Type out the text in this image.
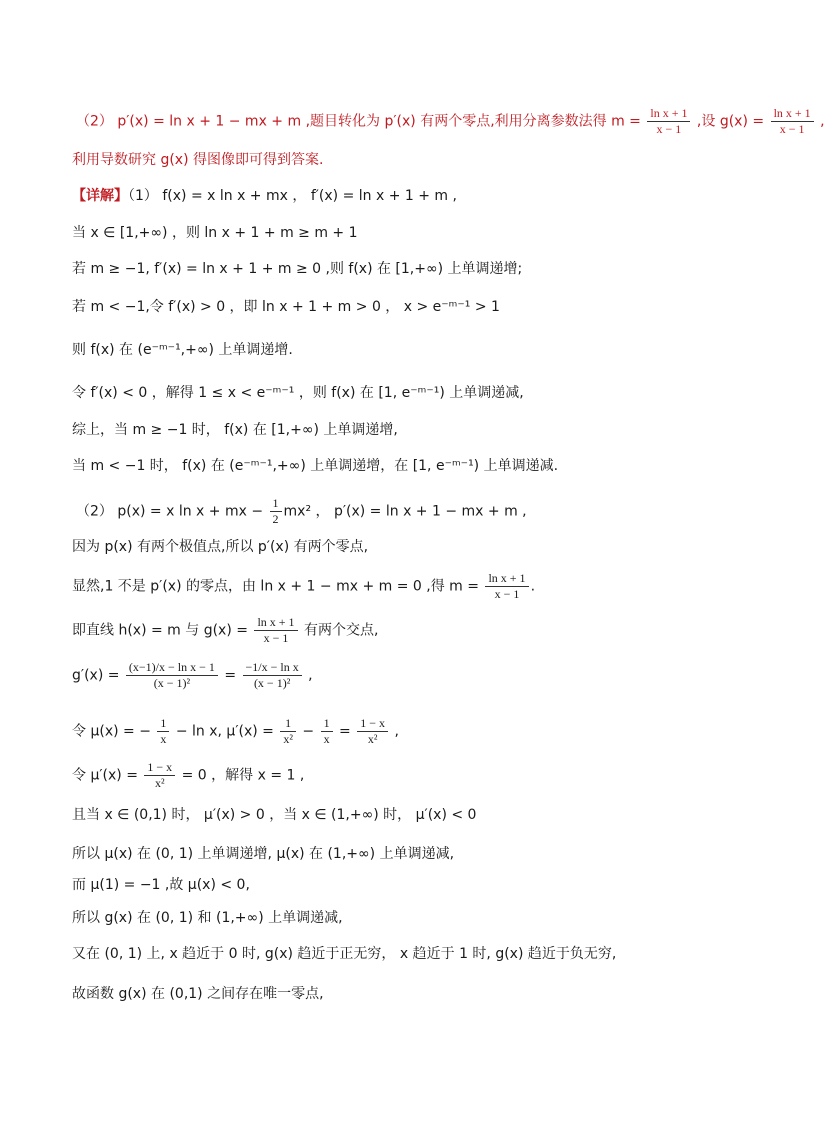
（2） p′(x) = ln x + 1 − mx + m ,题目转化为 p′(x) 有两个零点,利用分离参数法得 $m = \frac{\text{ln x + 1}}{x - 1}$ ,设 $g(x) = \frac{\text{ln x + 1}}{x - 1}$ ,
利用导数研究 g(x) 得图像即可得到答案.
【详解】（1） f(x) = x ln x + mx ， f′(x) = ln x + 1 + m ,
当 x ∈ [1,+∞) ，则 ln x + 1 + m ≥ m + 1
若 m ≥ −1, f′(x) = ln x + 1 + m ≥ 0 ,则 f(x) 在 [1,+∞) 上单调递增;
若 m < −1,令 f′(x) > 0 ，即 ln x + 1 + m > 0 ， x > e⁻ᵐ⁻¹ > 1
则 f(x) 在 (e⁻ᵐ⁻¹,+∞) 上单调递增.
令 f′(x) < 0 ，解得 1 ≤ x < e⁻ᵐ⁻¹ ，则 f(x) 在 [1, e⁻ᵐ⁻¹) 上单调递减,
综上，当 m ≥ −1 时， f(x) 在 [1,+∞) 上单调递增,
当 m < −1 时， f(x) 在 (e⁻ᵐ⁻¹,+∞) 上单调递增，在 [1, e⁻ᵐ⁻¹) 上单调递减.
（2） p(x) = x ln x + mx − $\frac{1}{2} mx^2$ ， p′(x) = ln x + 1 − mx + m ,
因为 p(x) 有两个极值点,所以 p′(x) 有两个零点,
显然,1 不是 p′(x) 的零点，由 ln x + 1 − mx + m = 0 ,得 $m = \frac{\text{ln x + 1}}{x - 1}$ .
即直线 h(x) = m 与 $g(x) = \frac{\text{ln x + 1}}{x - 1}$ 有两个交点,
$g'(x) = \frac{\text{(x−1)/x − ln x − 1}}{\text{(x − 1)²}} = \frac{\text{−1/x − ln x}}{\text{(x − 1)²}}$ ,
令 μ(x) = − $\frac{1}{x} - \ln x$, $\mu'(x) = \frac{1}{\text{x²}} - \frac{1}{x} = \frac{1 - x}{\text{x²}}$ ,
令 $\mu'(x) = \frac{1 - x}{\text{x²}} = 0$ ，解得 x = 1 ,
且当 x ∈ (0,1) 时， μ′(x) > 0 ，当 x ∈ (1,+∞) 时， μ′(x) < 0
所以 μ(x) 在 (0, 1) 上单调递增, μ(x) 在 (1,+∞) 上单调递减,
而 μ(1) = −1 ,故 μ(x) < 0,
所以 g(x) 在 (0, 1) 和 (1,+∞) 上单调递减,
又在 (0, 1) 上, x 趋近于 0 时, g(x) 趋近于正无穷， x 趋近于 1 时, g(x) 趋近于负无穷,
故函数 g(x) 在 (0,1) 之间存在唯一零点,
